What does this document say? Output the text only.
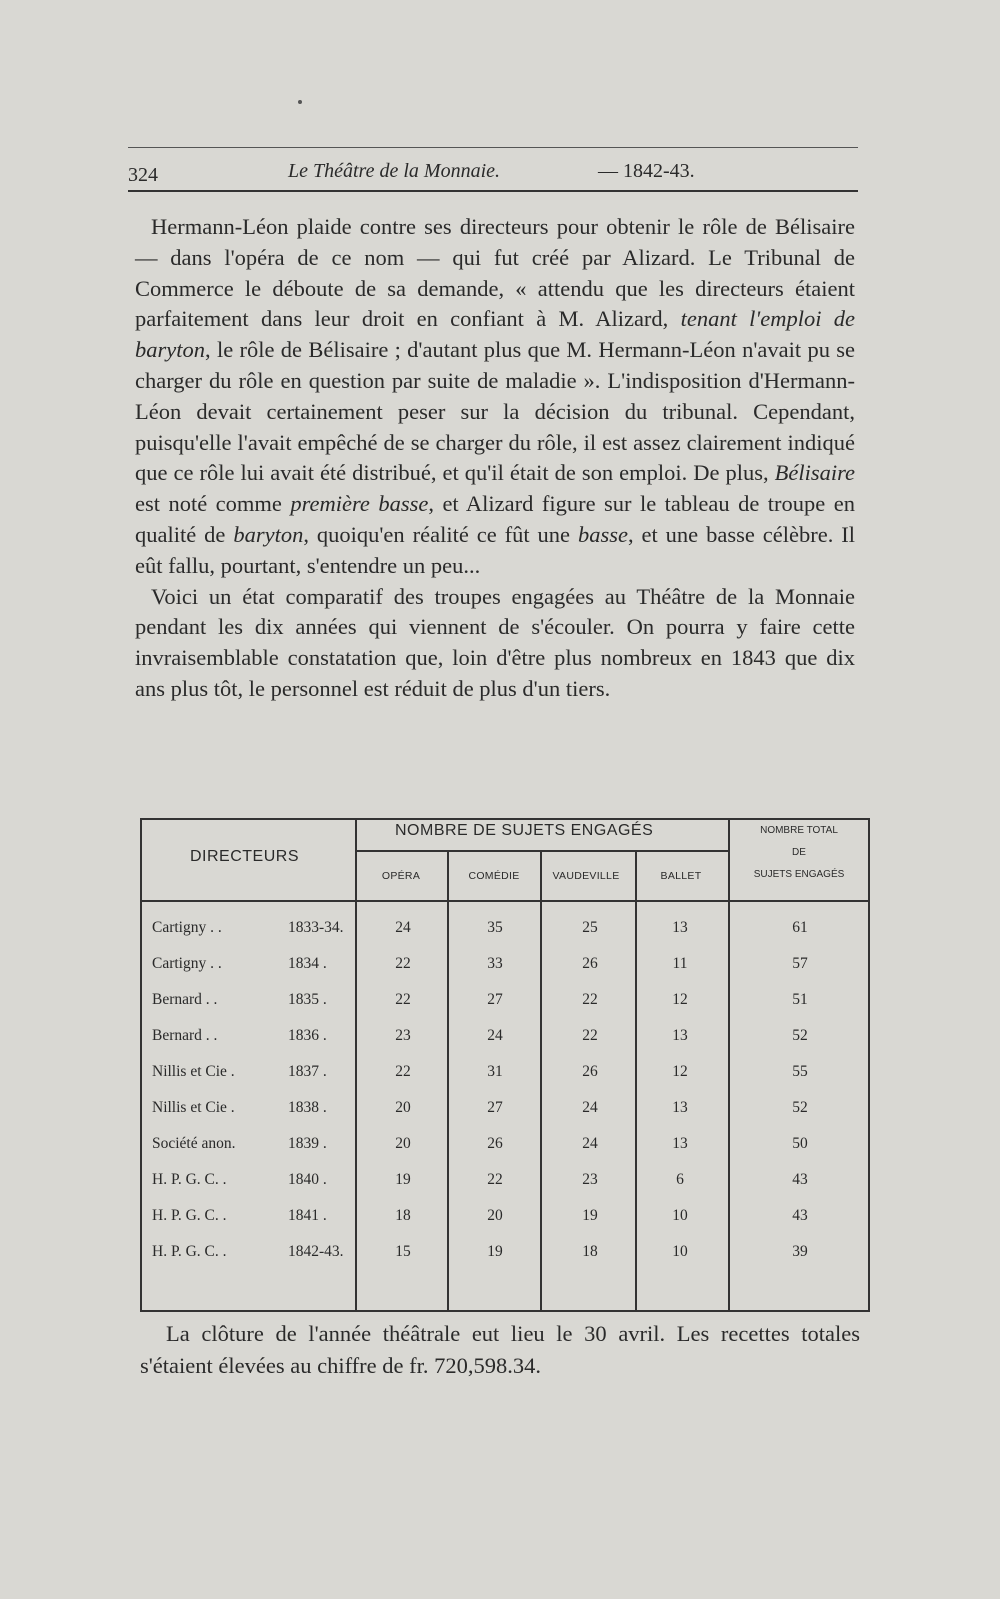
324	Le Théâtre de la Monnaie.	— 1842-43.

Hermann-Léon plaide contre ses directeurs pour obtenir le rôle de Bélisaire — dans l'opéra de ce nom — qui fut créé par Alizard. Le Tribunal de Commerce le déboute de sa demande, « attendu que les directeurs étaient parfaitement dans leur droit en confiant à M. Alizard, tenant l'emploi de baryton, le rôle de Bélisaire ; d'autant plus que M. Hermann-Léon n'avait pu se charger du rôle en question par suite de maladie ». L'indisposition d'Hermann-Léon devait certainement peser sur la décision du tribunal. Cependant, puisqu'elle l'avait empêché de se charger du rôle, il est assez clairement indiqué que ce rôle lui avait été distribué, et qu'il était de son emploi. De plus, Bélisaire est noté comme première basse, et Alizard figure sur le tableau de troupe en qualité de baryton, quoiqu'en réalité ce fût une basse, et une basse célèbre. Il eût fallu, pourtant, s'entendre un peu...

Voici un état comparatif des troupes engagées au Théâtre de la Monnaie pendant les dix années qui viennent de s'écouler. On pourra y faire cette invraisemblable constatation que, loin d'être plus nombreux en 1843 que dix ans plus tôt, le personnel est réduit de plus d'un tiers.

DIRECTEURS
NOMBRE DE SUJETS ENGAGÉS	NOMBRE TOTAL
DE
SUJETS ENGAGÉS
OPÉRA	COMÉDIE	VAUDEVILLE	BALLET
Cartigny . .	1833-34.	24	35	25	13	61
Cartigny . .	1834 .	22	33	26	11	57
Bernard . .	1835 .	22	27	22	12	51
Bernard . .	1836 .	23	24	22	13	52
Nillis et Cie .	1837 .	22	31	26	12	55
Nillis et Cie .	1838 .	20	27	24	13	52
Société anon.	1839 .	20	26	24	13	50
H. P. G. C. .	1840 .	19	22	23	6	43
H. P. G. C. .	1841 .	18	20	19	10	43
H. P. G. C. .	1842-43.	15	19	18	10	39

La clôture de l'année théâtrale eut lieu le 30 avril. Les recettes totales s'étaient élevées au chiffre de fr. 720,598.34.
